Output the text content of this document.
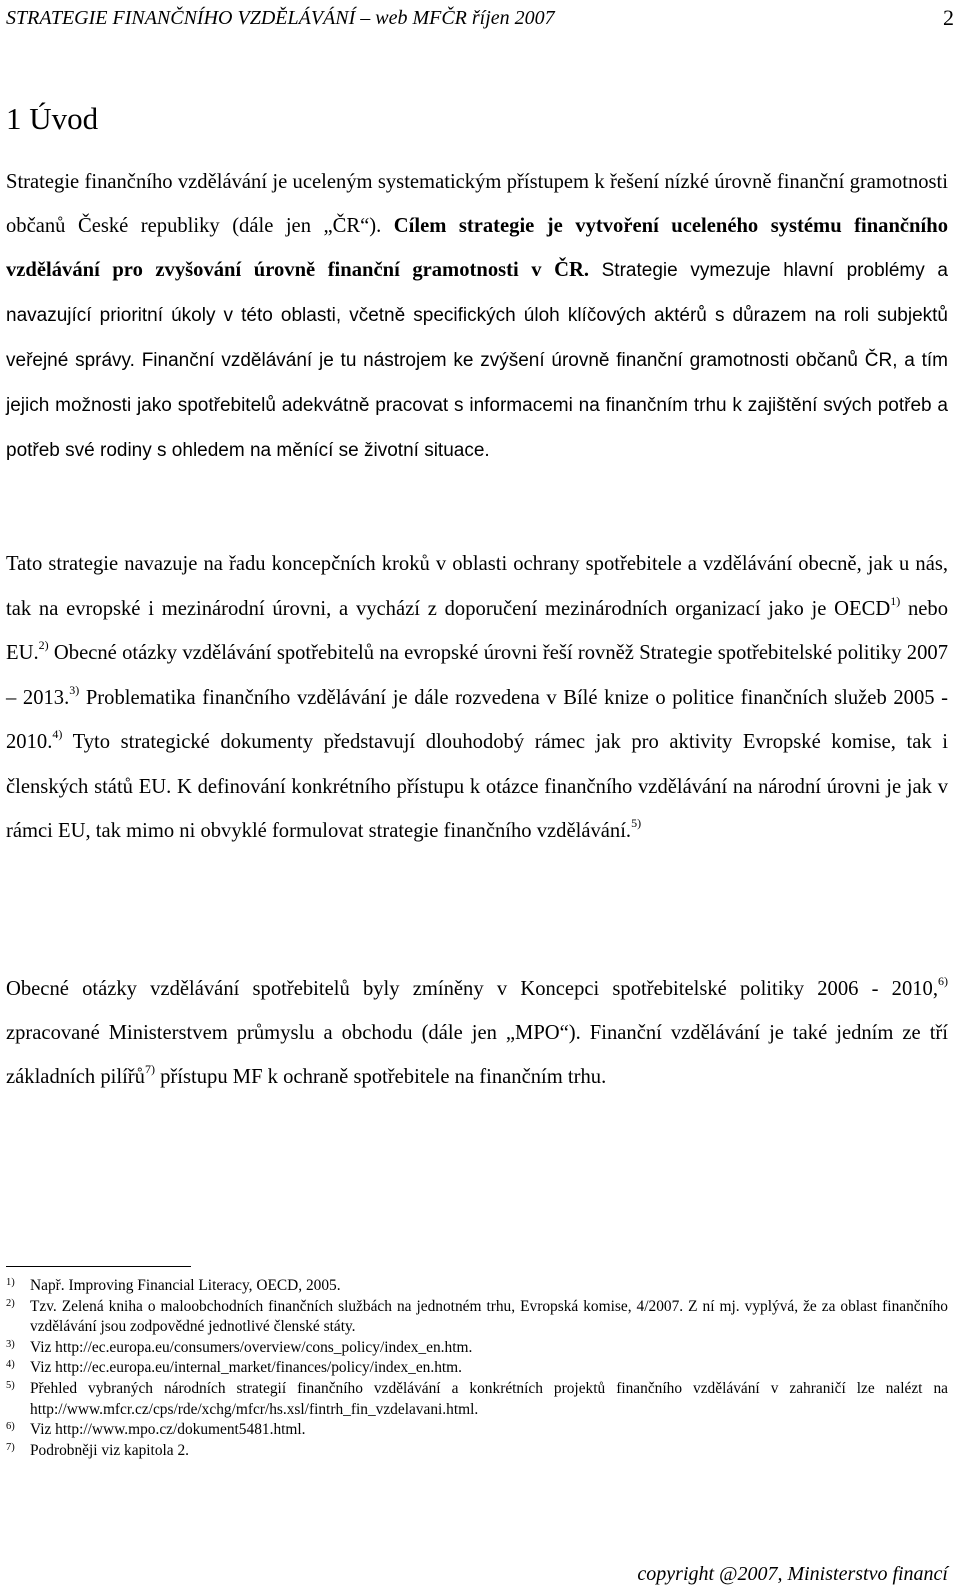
STRATEGIE FINANČNÍHO VZDĚLÁVÁNÍ – web MFČR říjen 2007	2
1 Úvod

Strategie finančního vzdělávání je uceleným systematickým přístupem k řešení nízké úrovně finanční gramotnosti občanů České republiky (dále jen „ČR“). Cílem strategie je vytvoření uceleného systému finančního vzdělávání pro zvyšování úrovně finanční gramotnosti v ČR. Strategie vymezuje hlavní problémy a navazující prioritní úkoly v této oblasti, včetně specifických úloh klíčových aktérů s důrazem na roli subjektů veřejné správy. Finanční vzdělávání je tu nástrojem ke zvýšení úrovně finanční gramotnosti občanů ČR, a tím jejich možnosti jako spotřebitelů adekvátně pracovat s informacemi na finančním trhu k zajištění svých potřeb a potřeb své rodiny s ohledem na měnící se životní situace.

Tato strategie navazuje na řadu koncepčních kroků v oblasti ochrany spotřebitele a vzdělávání obecně, jak u nás, tak na evropské i mezinárodní úrovni, a vychází z doporučení mezinárodních organizací jako je OECD$^{1)}$ nebo EU.$^{2)}$ Obecné otázky vzdělávání spotřebitelů na evropské úrovni řeší rovněž Strategie spotřebitelské politiky 2007 – 2013.$^{3)}$ Problematika finančního vzdělávání je dále rozvedena v Bílé knize o politice finančních služeb 2005 - 2010.$^{4)}$ Tyto strategické dokumenty představují dlouhodobý rámec jak pro aktivity Evropské komise, tak i členských států EU. K definování konkrétního přístupu k otázce finančního vzdělávání na národní úrovni je jak v rámci EU, tak mimo ni obvyklé formulovat strategie finančního vzdělávání.$^{5)}$

Obecné otázky vzdělávání spotřebitelů byly zmíněny v Koncepci spotřebitelské politiky 2006 - 2010,$^{6)}$ zpracované Ministerstvem průmyslu a obchodu (dále jen „MPO“). Finanční vzdělávání je také jedním ze tří základních pilířů$^{7)}$ přístupu MF k ochraně spotřebitele na finančním trhu.

1) Např. Improving Financial Literacy, OECD, 2005.
2) Tzv. Zelená kniha o maloobchodních finančních službách na jednotném trhu, Evropská komise, 4/2007. Z ní mj. vyplývá, že za oblast finančního vzdělávání jsou zodpovědné jednotlivé členské státy.
3) Viz http://ec.europa.eu/consumers/overview/cons_policy/index_en.htm.
4) Viz http://ec.europa.eu/internal_market/finances/policy/index_en.htm.
5) Přehled vybraných národních strategií finančního vzdělávání a konkrétních projektů finančního vzdělávání v zahraničí lze nalézt na http://www.mfcr.cz/cps/rde/xchg/mfcr/hs.xsl/fintrh_fin_vzdelavani.html.
6) Viz http://www.mpo.cz/dokument5481.html.
7) Podrobněji viz kapitola 2.
copyright @2007, Ministerstvo financí
